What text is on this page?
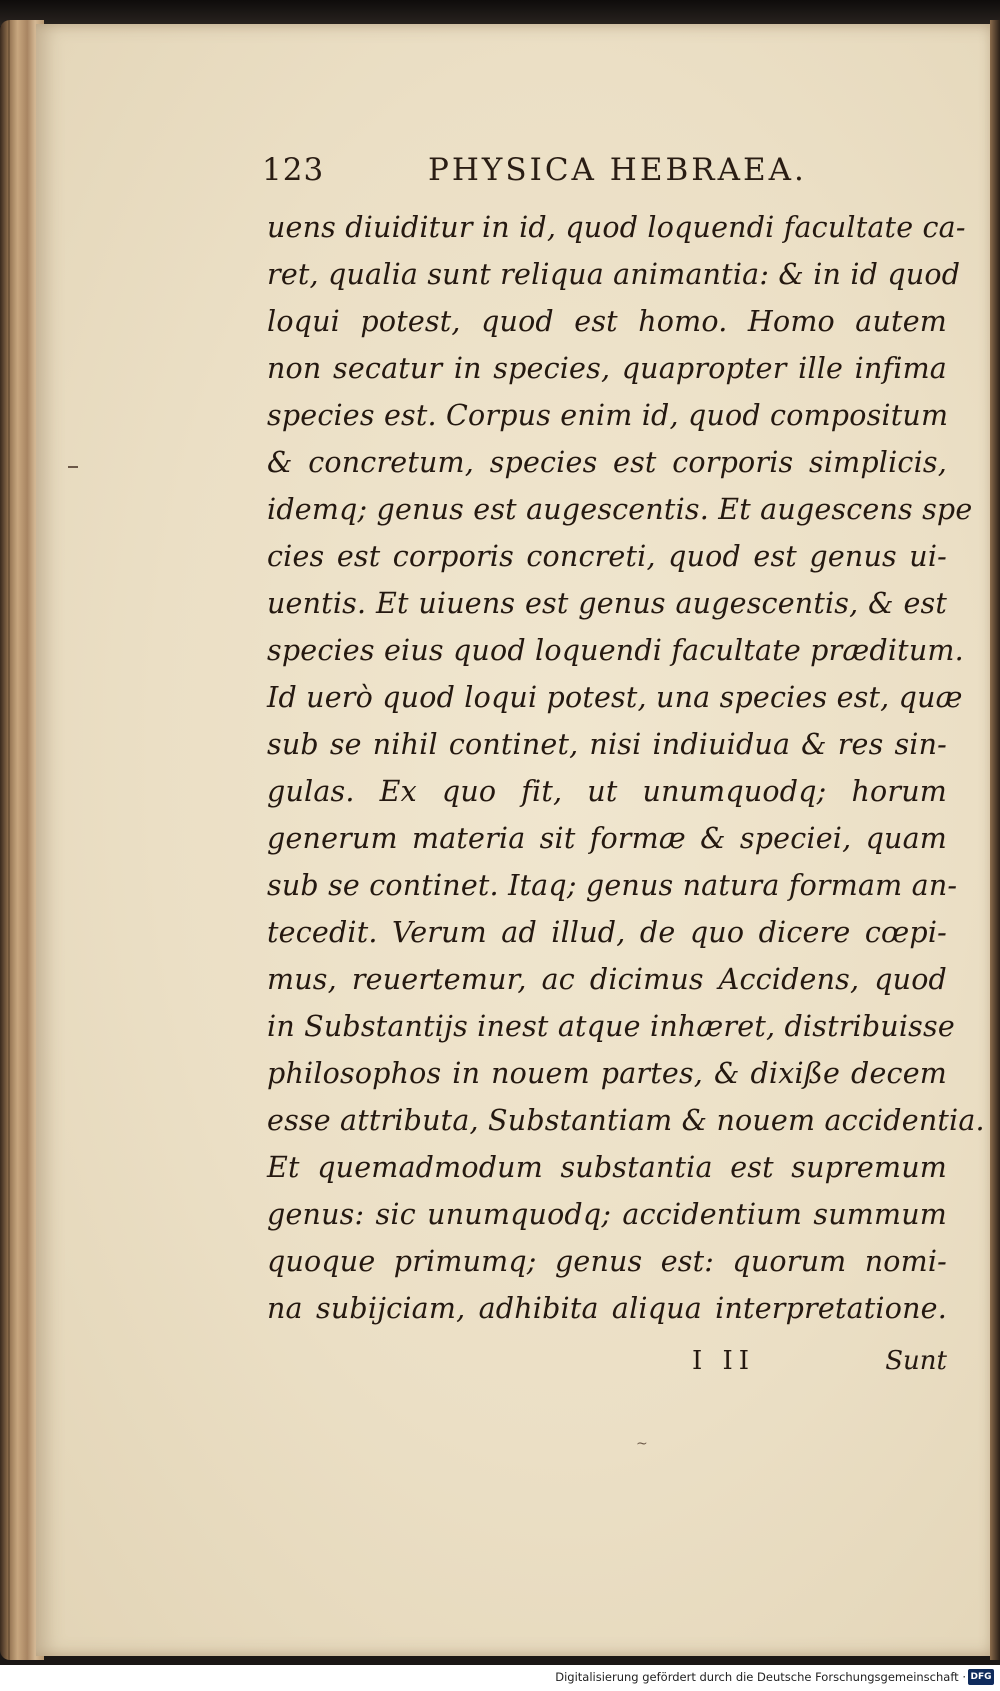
123	PHYSICA HEBRAEA.
uens diuiditur in id, quod loquendi facultate ca-
ret, qualia sunt reliqua animantia: & in id quod
loqui potest, quod est homo. Homo autem
non secatur in species, quapropter ille infima
species est. Corpus enim id, quod compositum
& concretum, species est corporis simplicis,
idemq; genus est augescentis. Et augescens spe
cies est corporis concreti, quod est genus ui-
uentis. Et uiuens est genus augescentis, & est
species eius quod loquendi facultate præditum.
Id uerò quod loqui potest, una species est, quæ
sub se nihil continet, nisi indiuidua & res sin-
gulas. Ex quo fit, ut unumquodq; horum
generum materia sit formæ & speciei, quam
sub se continet. Itaq; genus natura formam an-
tecedit. Verum ad illud, de quo dicere cœpi-
mus, reuertemur, ac dicimus Accidens, quod
in Substantijs inest atque inhæret, distribuisse
philosophos in nouem partes, & dixiße decem
esse attributa, Substantiam & nouem accidentia.
Et quemadmodum substantia est supremum
genus: sic unumquodq; accidentium summum
quoque primumq; genus est: quorum nomi-
na subijciam, adhibita aliqua interpretatione.
I II	Sunt
~
Digitalisierung gefördert durch die Deutsche Forschungsgemeinschaft · DFG
